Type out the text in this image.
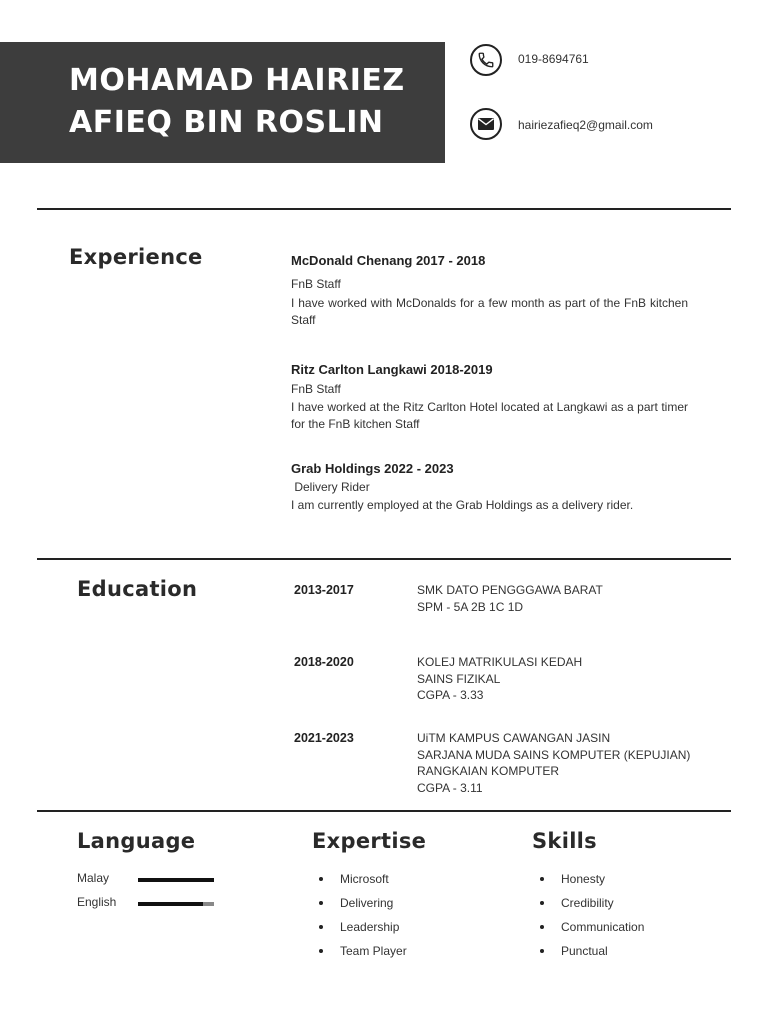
MOHAMAD HAIRIEZ
AFIEQ BIN ROSLIN
019-8694761
hairiezafieq2@gmail.com
Experience	McDonald Chenang 2017 - 2018
FnB Staff
I have worked with McDonalds for a few month as part of the FnB kitchen Staff
Ritz Carlton Langkawi 2018-2019
FnB Staff
I have worked at the Ritz Carlton Hotel located at Langkawi as a part timer for the FnB kitchen Staff
Grab Holdings 2022 - 2023
Delivery Rider
I am currently employed at the Grab Holdings as a delivery rider.
Education	2013-2017	SMK DATO PENGGGAWA BARAT
SPM - 5A 2B 1C 1D
2018-2020	KOLEJ MATRIKULASI KEDAH
SAINS FIZIKAL
CGPA - 3.33
2021-2023	UiTM KAMPUS CAWANGAN JASIN
SARJANA MUDA SAINS KOMPUTER (KEPUJIAN)
RANGKAIAN KOMPUTER
CGPA - 3.11
Language
Malay
English
Expertise
Microsoft
Delivering
Leadership
Team Player
Skills
Honesty
Credibility
Communication
Punctual
